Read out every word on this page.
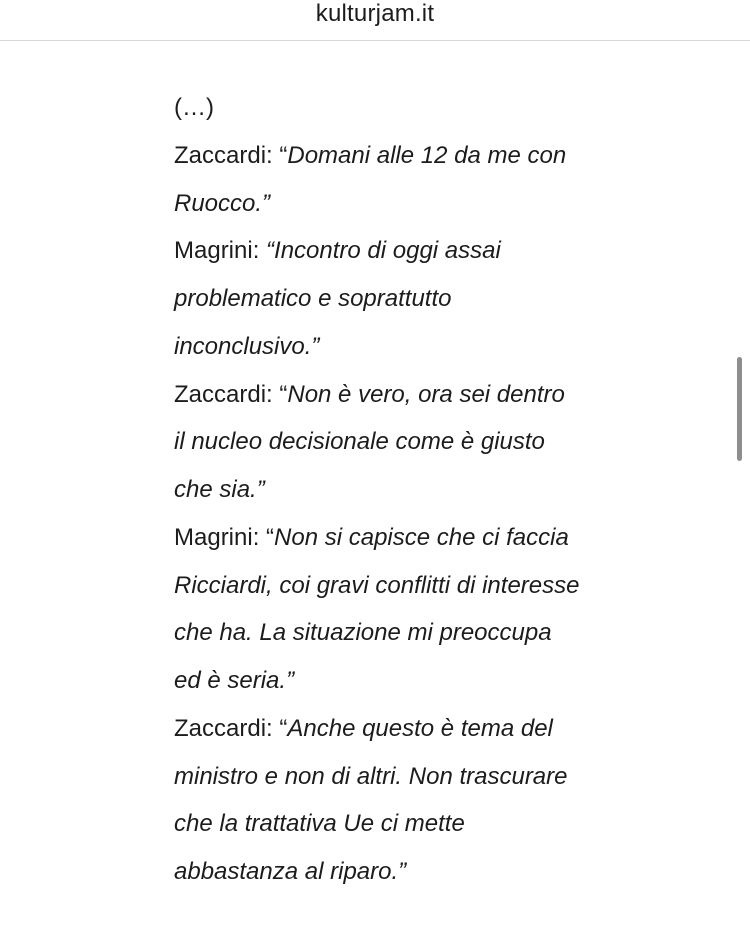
kulturjam.it
(…)
Zaccardi: “Domani alle 12 da me con
Ruocco.”
Magrini: “Incontro di oggi assai
problematico e soprattutto
inconclusivo.”
Zaccardi: “Non è vero, ora sei dentro
il nucleo decisionale come è giusto
che sia.”
Magrini: “Non si capisce che ci faccia
Ricciardi, coi gravi conflitti di interesse
che ha. La situazione mi preoccupa
ed è seria.”
Zaccardi: “Anche questo è tema del
ministro e non di altri. Non trascurare
che la trattativa Ue ci mette
abbastanza al riparo.”
